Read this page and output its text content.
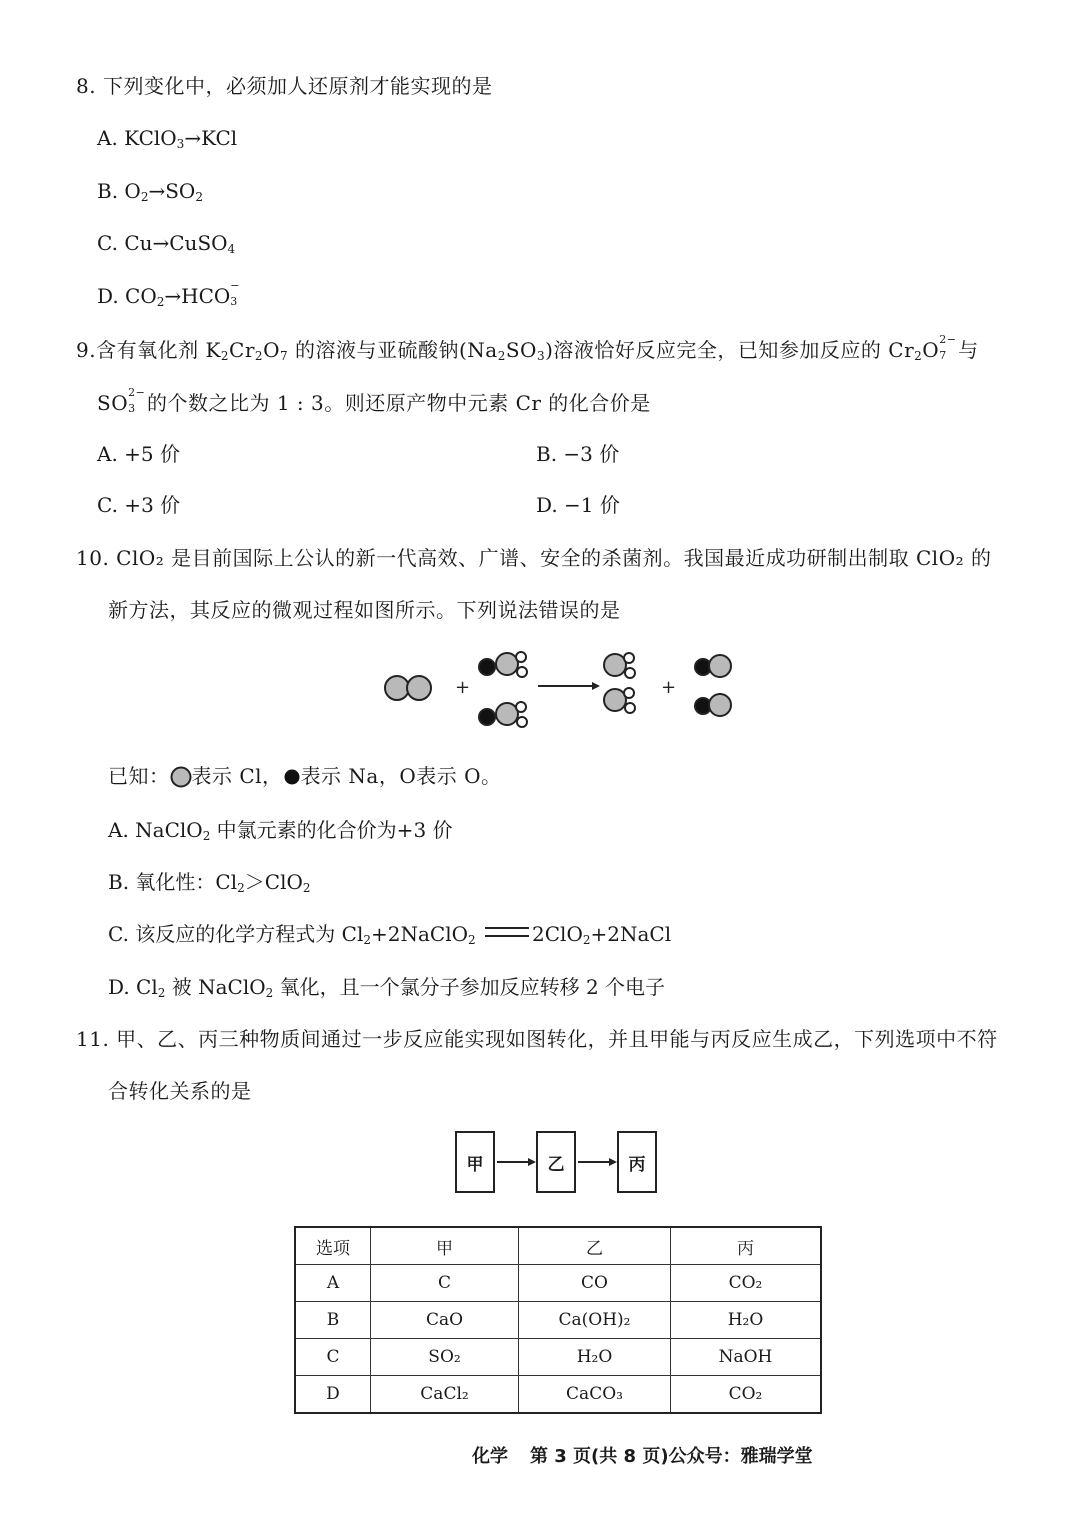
8. 下列变化中，必须加人还原剂才能实现的是
A. KClO$_3$→KCl
B. $O_2\to SO_2$
C. Cu→CuSO$_4$
D. $CO_2\to HCO$ −
3
9.含有氧化剂 $K_2Cr_2O_7$ 的溶液与亚硫酸钠$(Na_2SO_3)$溶液恰好反应完全，已知参加反应的 $Cr_2O$ 2−
7 与
SO 2−
3 的个数之比为 1 : 3。则还原产物中元素 Cr 的化合价是
A. +5 价	B. −3 价
C. +3 价	D. −1 价
10. ClO₂ 是目前国际上公认的新一代高效、广谱、安全的杀菌剂。我国最近成功研制出制取 ClO₂ 的
新方法，其反应的微观过程如图所示。下列说法错误的是
+	+
已知： 表示 Cl， 表示 Na，O表示 O。
A. NaClO$_2$ 中氯元素的化合价为+3 价
B. 氧化性：$Cl_2>ClO_2$
C. 该反应的化学方程式为 $Cl_2+2NaClO_2$	2ClO$_2$+2NaCl
D. $Cl_2$ 被 NaClO$_2$ 氧化，且一个氯分子参加反应转移 2 个电子
11. 甲、乙、丙三种物质间通过一步反应能实现如图转化，并且甲能与丙反应生成乙，下列选项中不符
合转化关系的是
甲	乙	丙
选项	甲	乙	丙
A	C	CO	CO₂
B	CaO	Ca(OH)₂	H₂O
C	SO₂	H₂O	NaOH
D	CaCl₂	CaCO₃	CO₂
化学 第 3 页(共 8 页)公众号：雅瑞学堂
